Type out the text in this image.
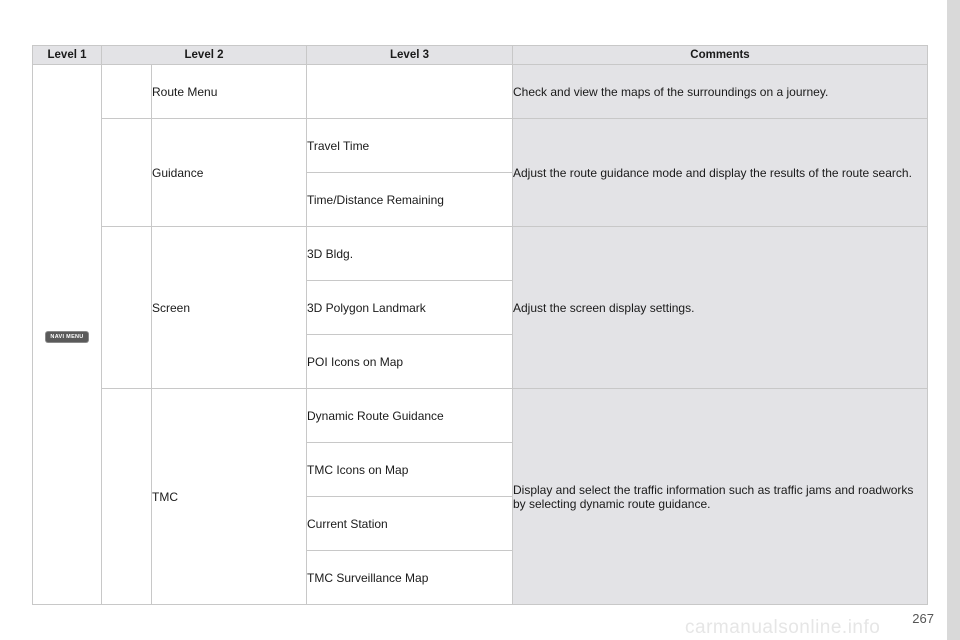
Level 1	Level 2		Level 3	Comments
NAVI MENU		Route Menu		Check and view the maps of the surroundings on a journey.
		Guidance	Travel Time	Adjust the route guidance mode and display the results of the route search.
			Time/Distance Remaining	
		Screen	3D Bldg.	Adjust the screen display settings.
			3D Polygon Landmark	
			POI Icons on Map	
		TMC	Dynamic Route Guidance	Display and select the traffic information such as traffic jams and roadworks by selecting dynamic route guidance.
			TMC Icons on Map	
			Current Station	
			TMC Surveillance Map	
carmanualsonline.info 267
